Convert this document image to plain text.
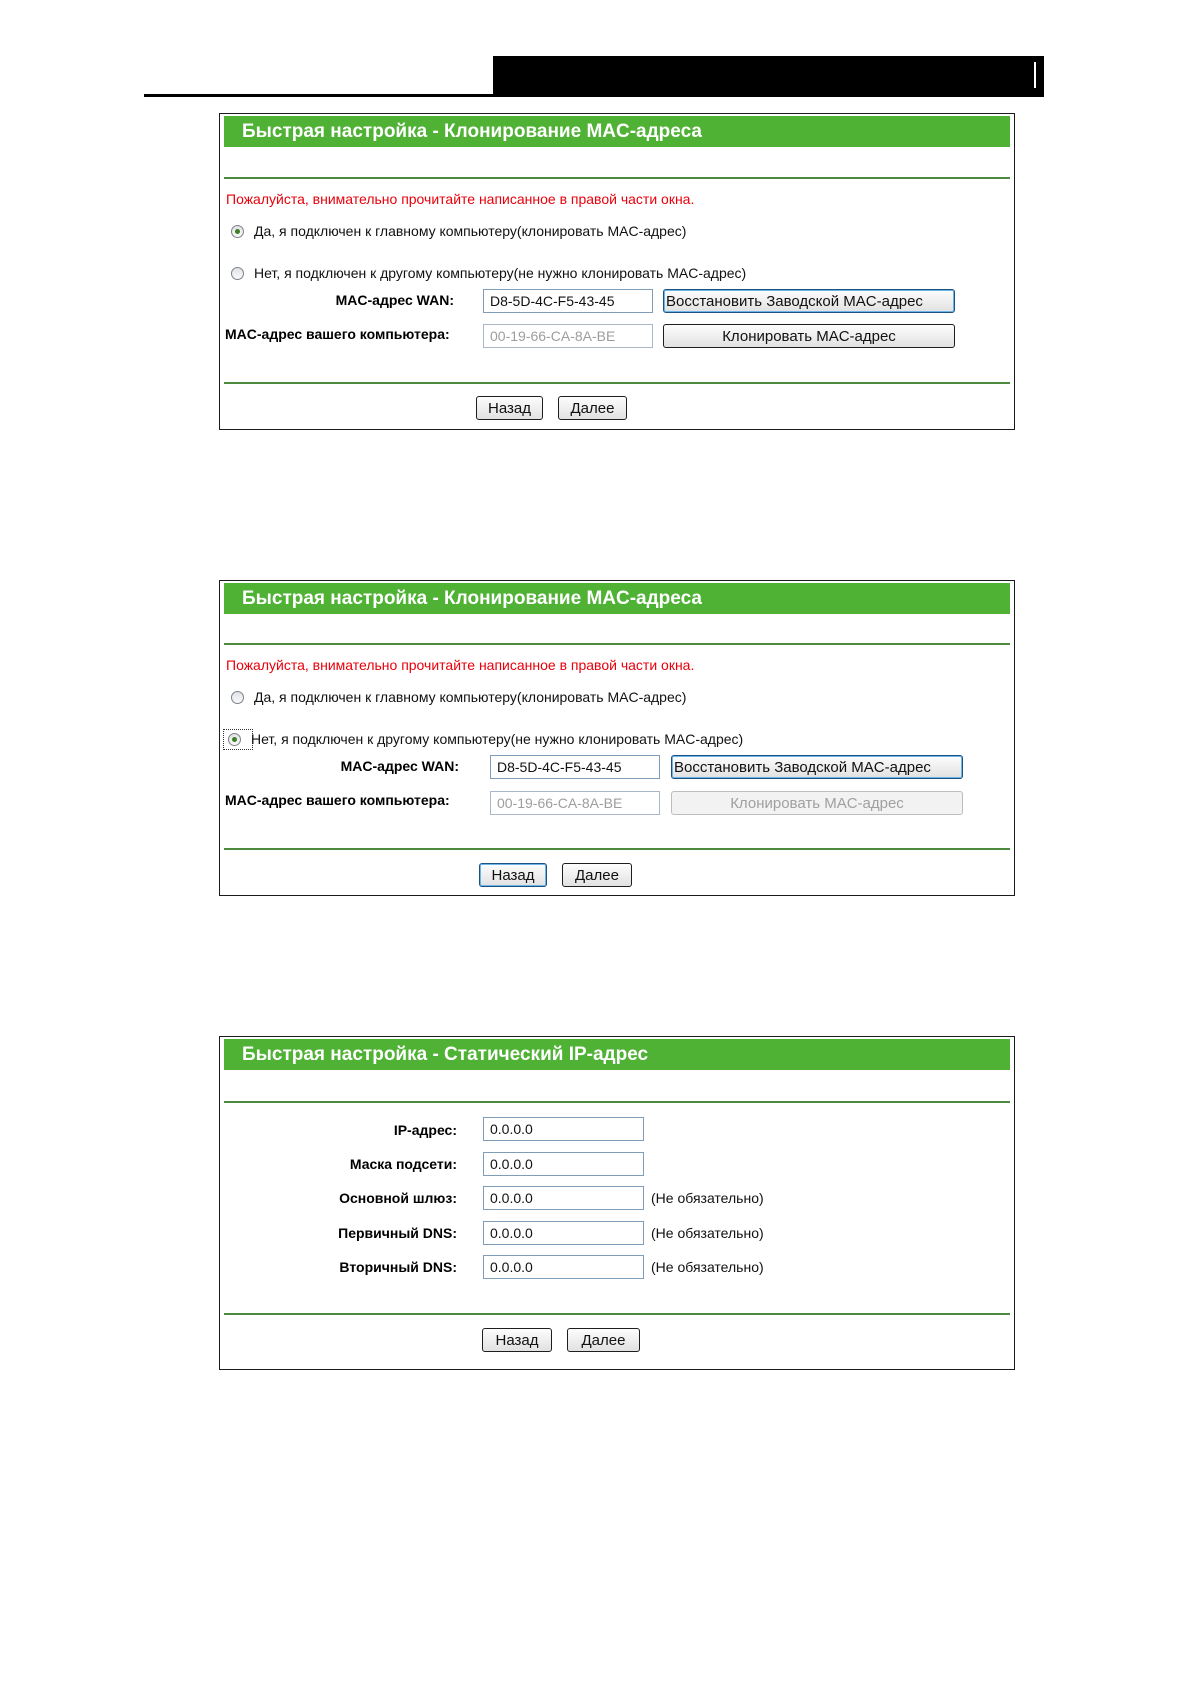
Быстрая настройка - Клонирование MAC-адреса
Пожалуйста, внимательно прочитайте написанное в правой части окна.
Да, я подключен к главному компьютеру(клонировать MAC-адрес)
Нет, я подключен к другому компьютеру(не нужно клонировать MAC-адрес)
MAC-адрес WAN:
D8-5D-4C-F5-43-45	Восстановить Заводской MAC-адрес
MAC-адрес вашего компьютера:
00-19-66-CA-8A-BE	Клонировать MAC-адрес
Назад	Далее
Быстрая настройка - Клонирование MAC-адреса
Пожалуйста, внимательно прочитайте написанное в правой части окна.
Да, я подключен к главному компьютеру(клонировать MAC-адрес)
Нет, я подключен к другому компьютеру(не нужно клонировать MAC-адрес)
MAC-адрес WAN:
D8-5D-4C-F5-43-45	Восстановить Заводской MAC-адрес
MAC-адрес вашего компьютера:
00-19-66-CA-8A-BE	Клонировать MAC-адрес
Назад	Далее
Быстрая настройка - Статический IP-адрес
IP-адрес:
0.0.0.0
Маска подсети:
0.0.0.0
Основной шлюз:
0.0.0.0	(Не обязательно)
Первичный DNS:
0.0.0.0	(Не обязательно)
Вторичный DNS:
0.0.0.0	(Не обязательно)
Назад	Далее
